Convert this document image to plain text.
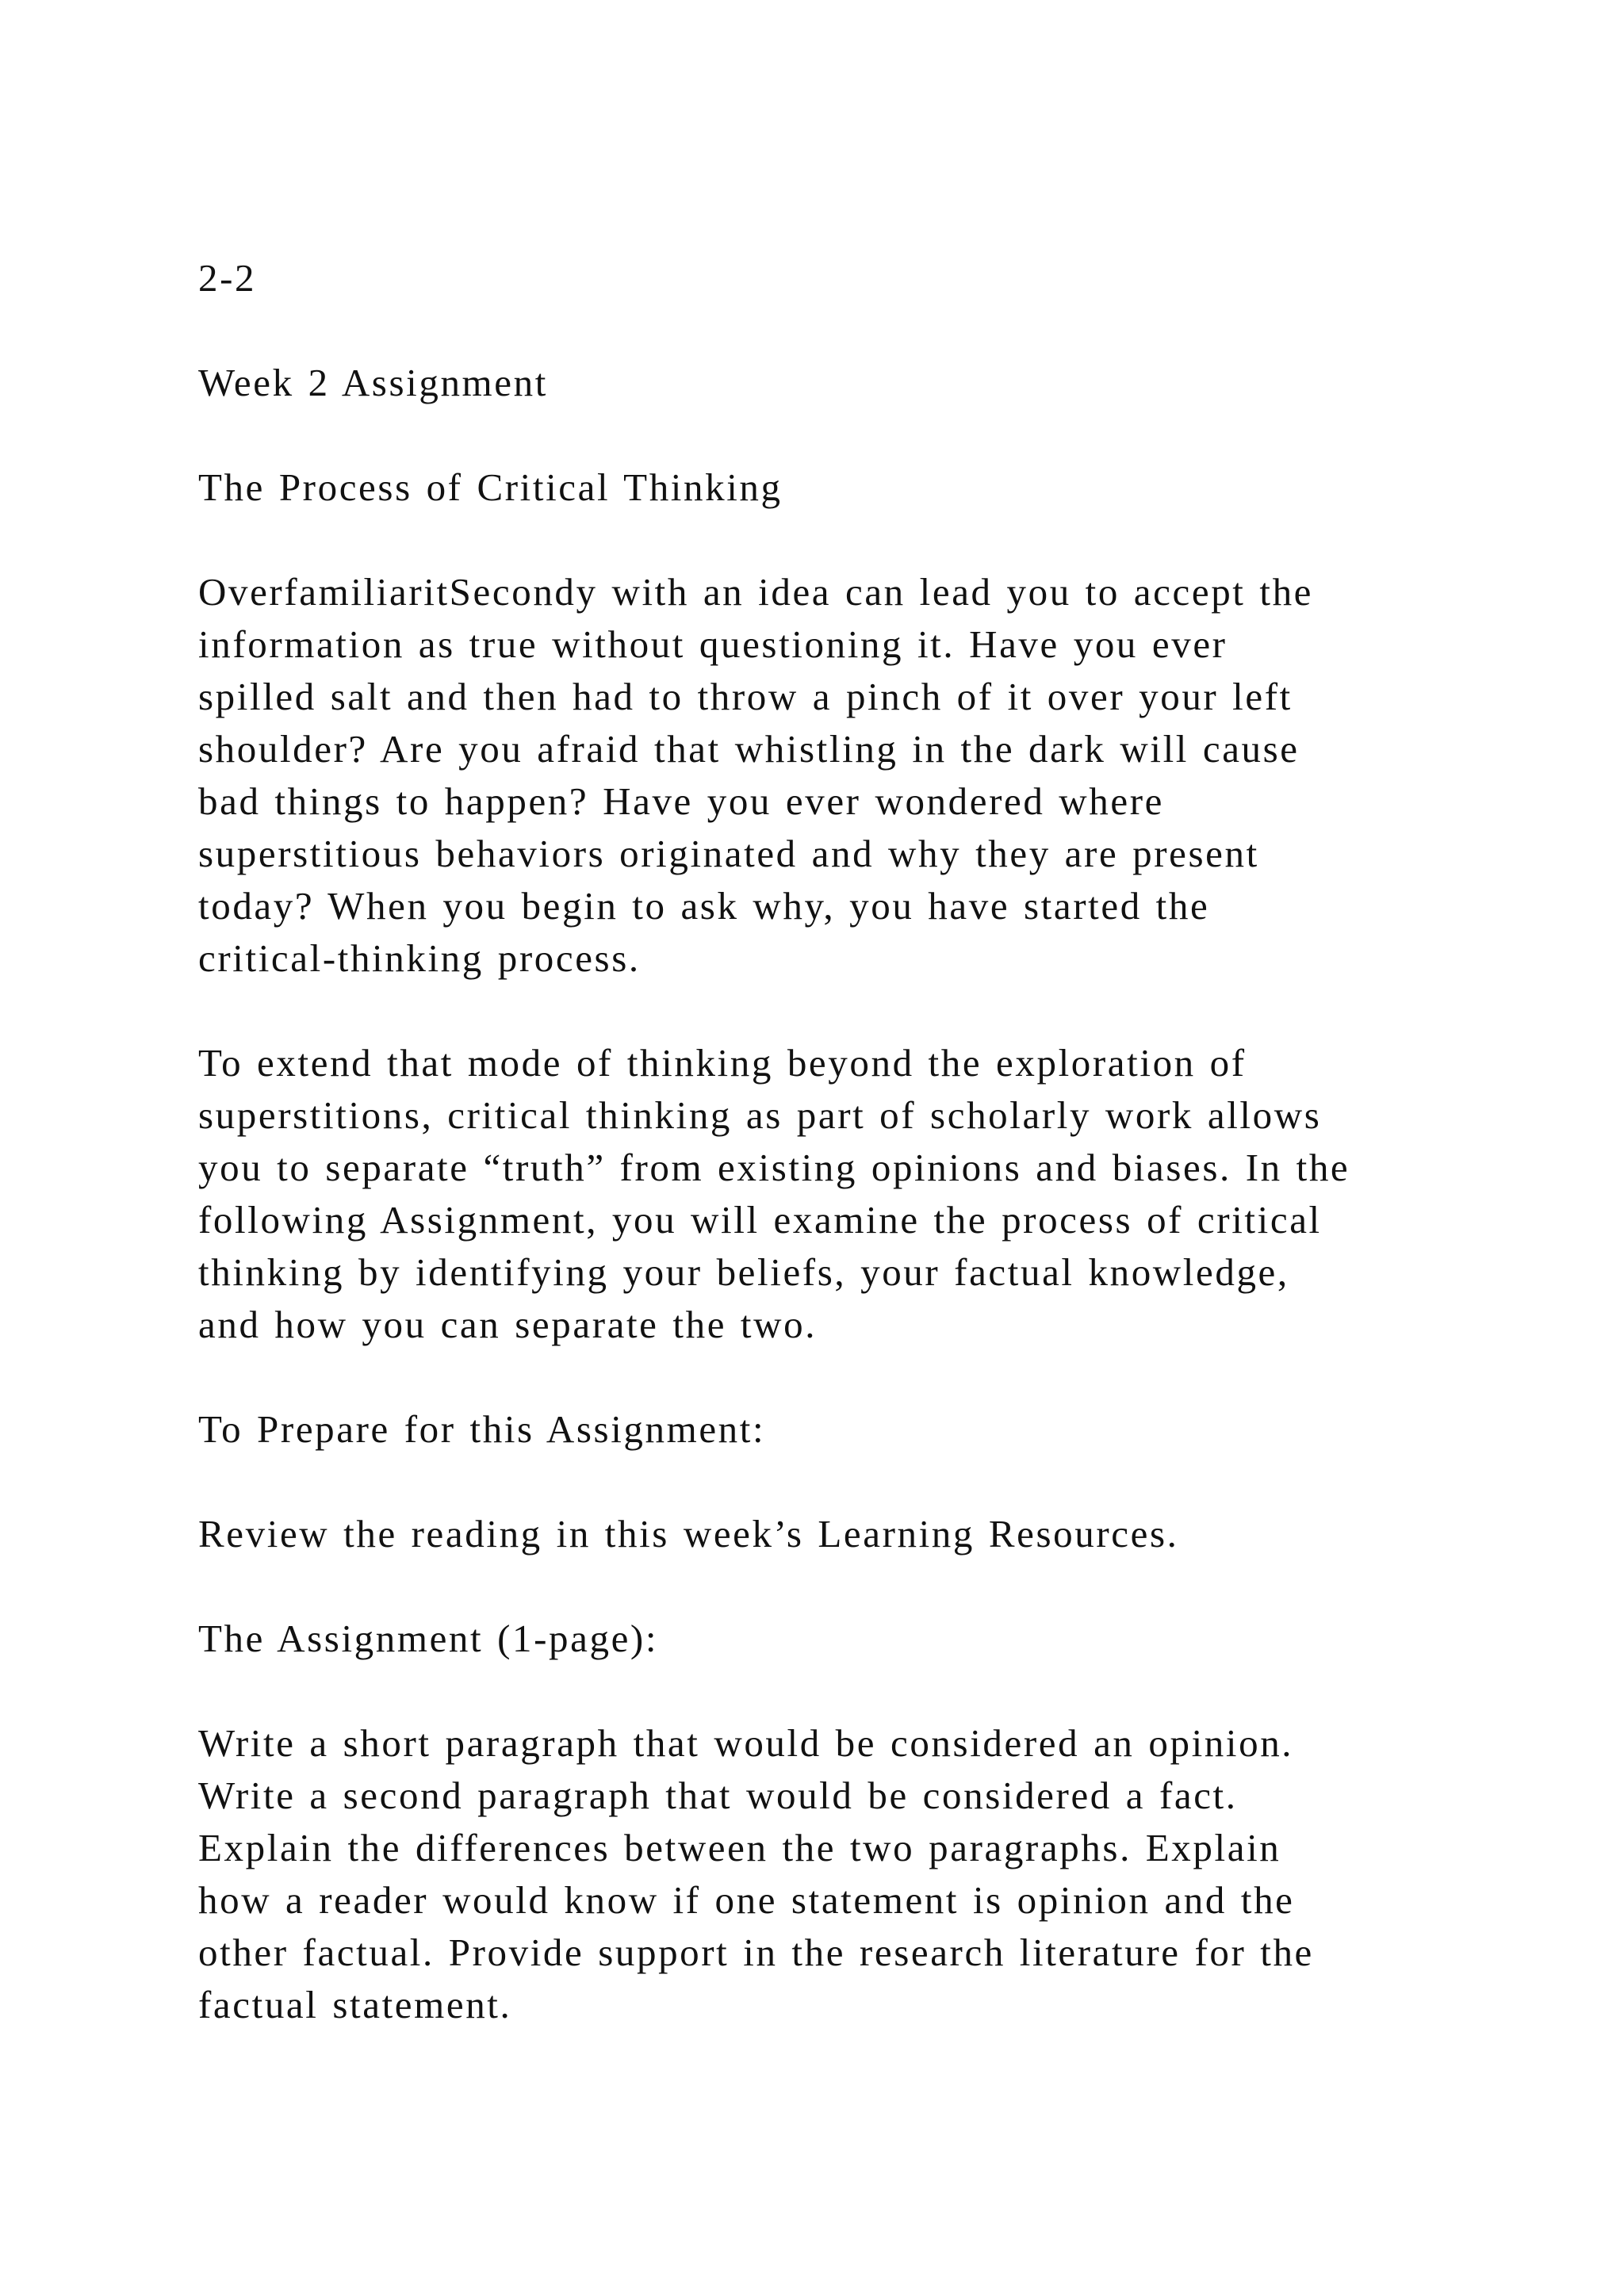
2-2
Week 2 Assignment
The Process of Critical Thinking
OverfamiliaritSecondy with an idea can lead you to accept the
information as true without questioning it. Have you ever
spilled salt and then had to throw a pinch of it over your left
shoulder? Are you afraid that whistling in the dark will cause
bad things to happen? Have you ever wondered where
superstitious behaviors originated and why they are present
today? When you begin to ask why, you have started the
critical-thinking process.
To extend that mode of thinking beyond the exploration of
superstitions, critical thinking as part of scholarly work allows
you to separate “truth” from existing opinions and biases. In the
following Assignment, you will examine the process of critical
thinking by identifying your beliefs, your factual knowledge,
and how you can separate the two.
To Prepare for this Assignment:
Review the reading in this week’s Learning Resources.
The Assignment (1-page):
Write a short paragraph that would be considered an opinion.
Write a second paragraph that would be considered a fact.
Explain the differences between the two paragraphs. Explain
how a reader would know if one statement is opinion and the
other factual. Provide support in the research literature for the
factual statement.
